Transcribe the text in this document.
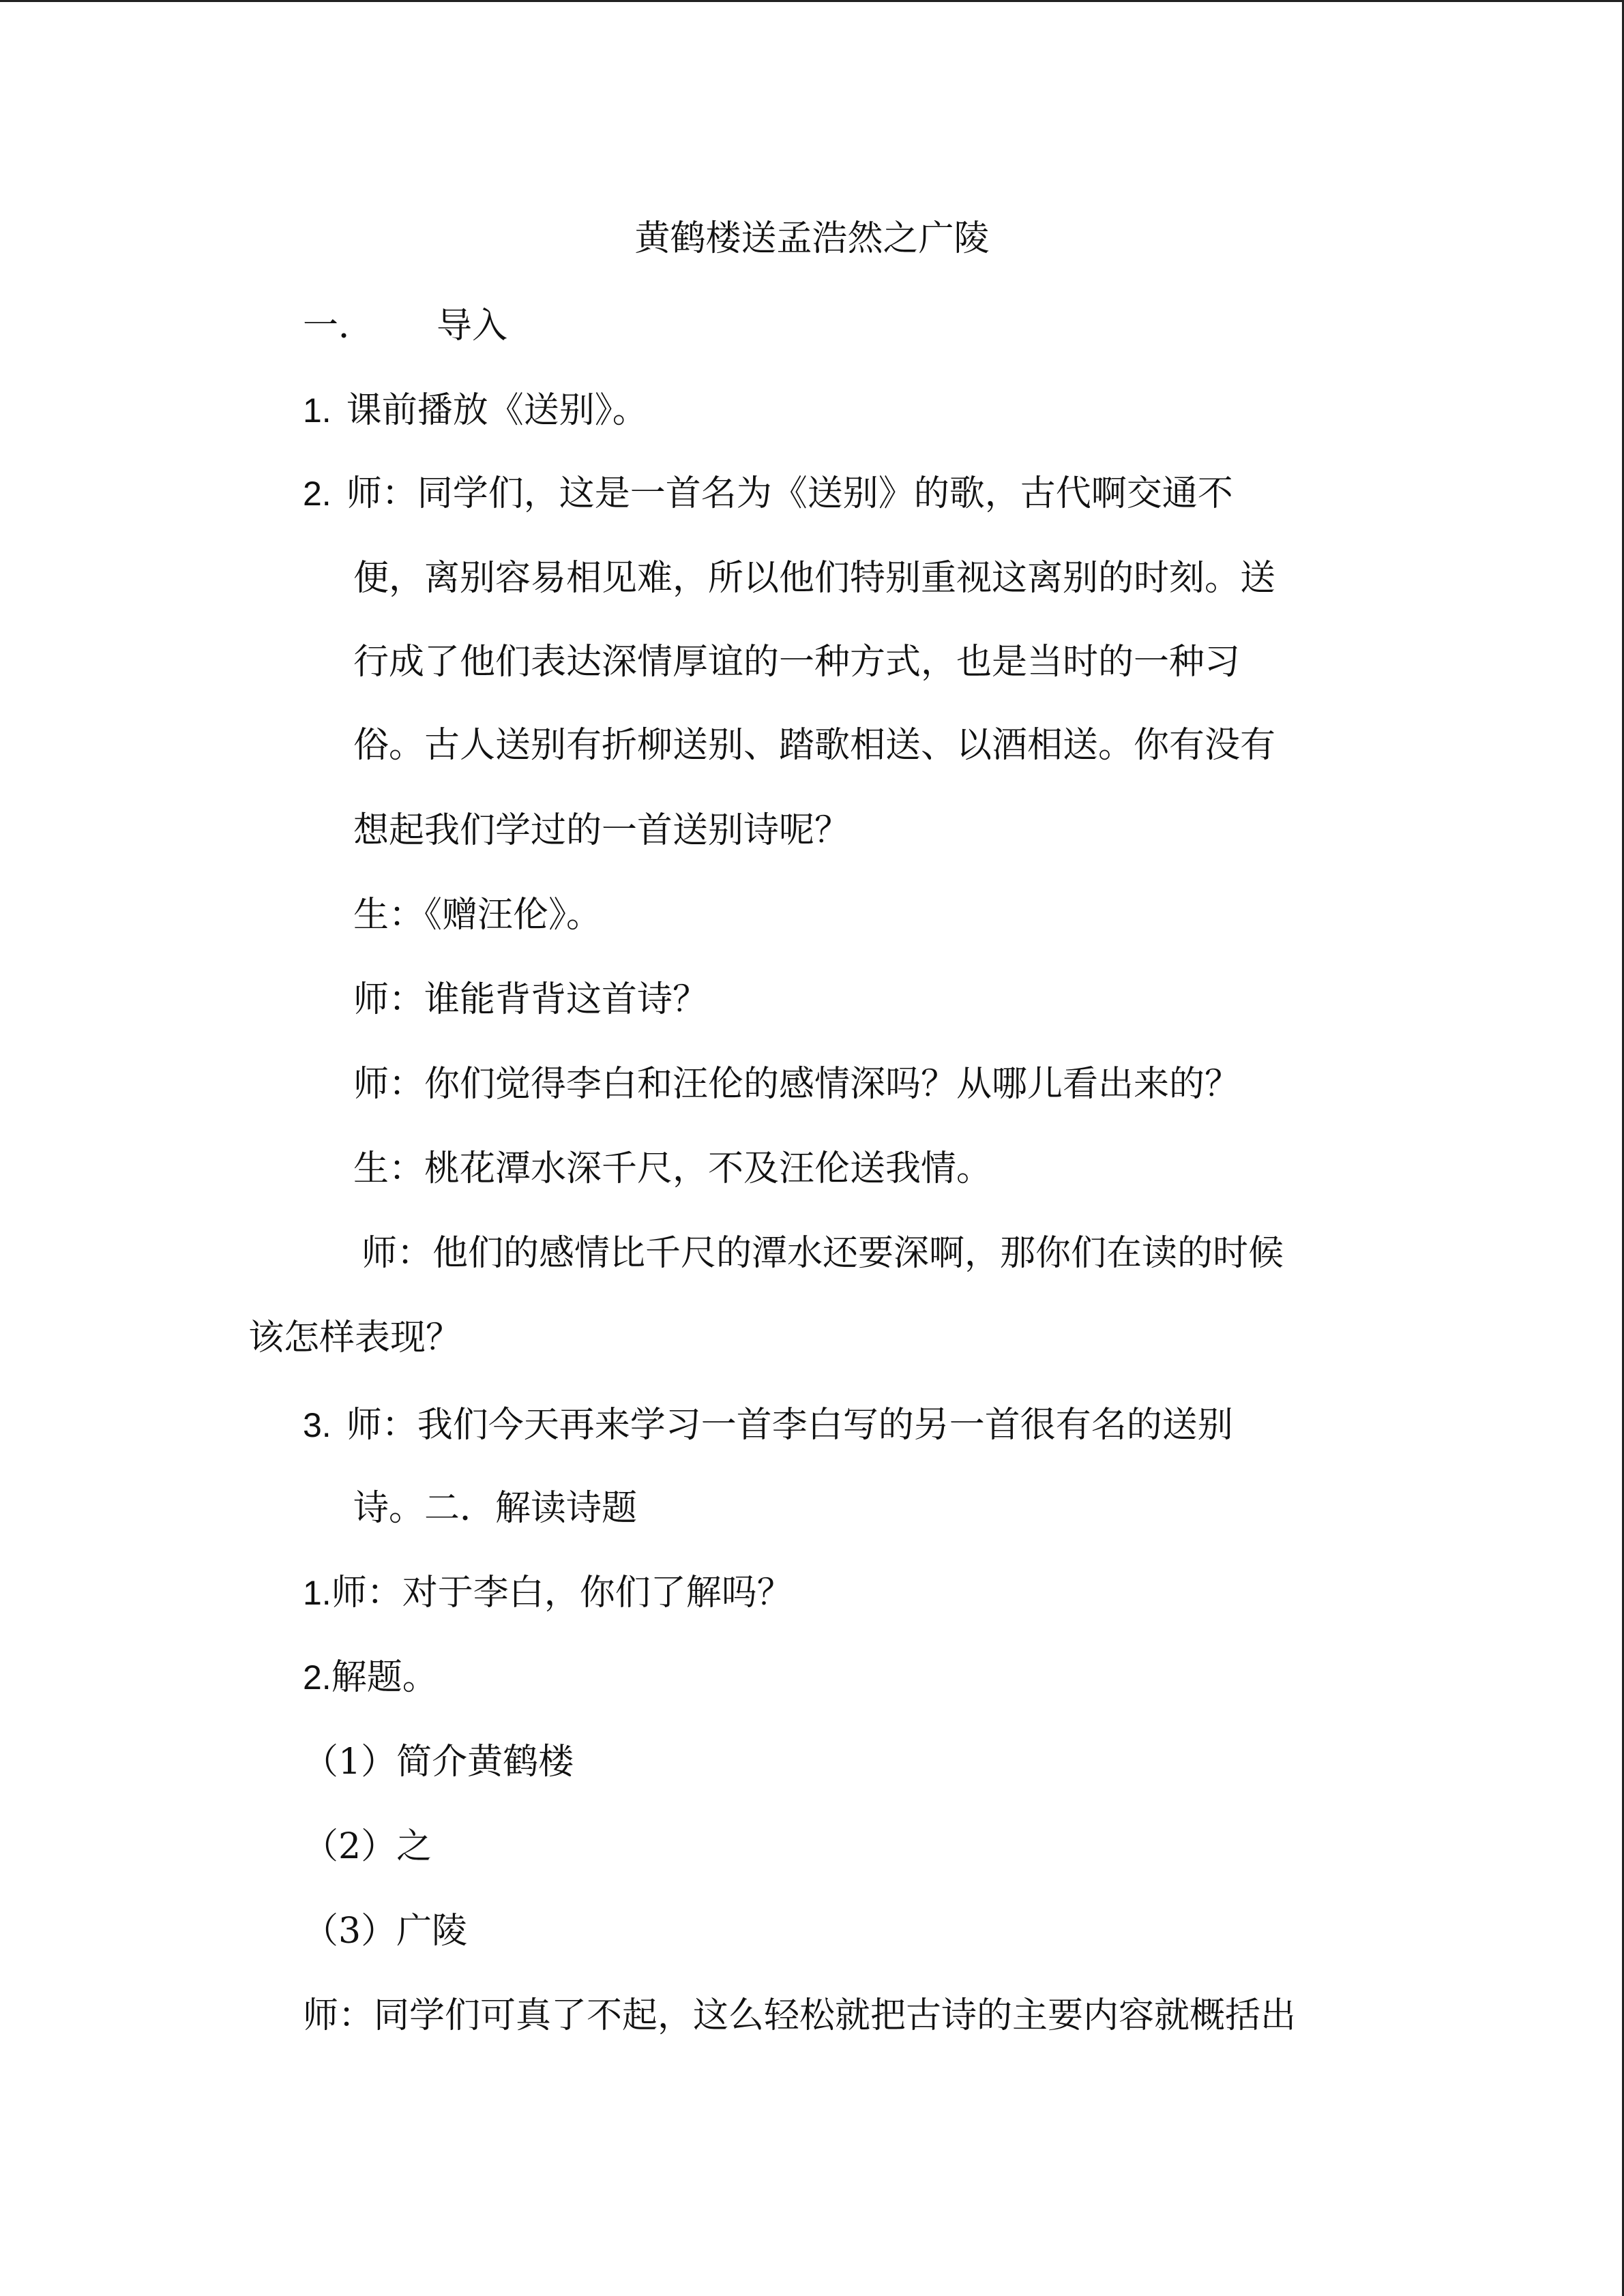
黄鹤楼送孟浩然之广陵
一． 导入
1. 课前播放《送别》。
2. 师：同学们，这是一首名为《送别》的歌，古代啊交通不
便，离别容易相见难，所以他们特别重视这离别的时刻。送
行成了他们表达深情厚谊的一种方式，也是当时的一种习
俗。古人送别有折柳送别、踏歌相送、以酒相送。你有没有
想起我们学过的一首送别诗呢？
生：《赠汪伦》。
师：谁能背背这首诗？
师：你们觉得李白和汪伦的感情深吗？从哪儿看出来的？
生：桃花潭水深千尺，不及汪伦送我情。
师：他们的感情比千尺的潭水还要深啊，那你们在读的时候
该怎样表现？
3. 师：我们今天再来学习一首李白写的另一首很有名的送别
诗。二．解读诗题
1.师：对于李白，你们了解吗？
2.解题。
（1）简介黄鹤楼
（2）之
（3）广陵
师：同学们可真了不起，这么轻松就把古诗的主要内容就概括出
